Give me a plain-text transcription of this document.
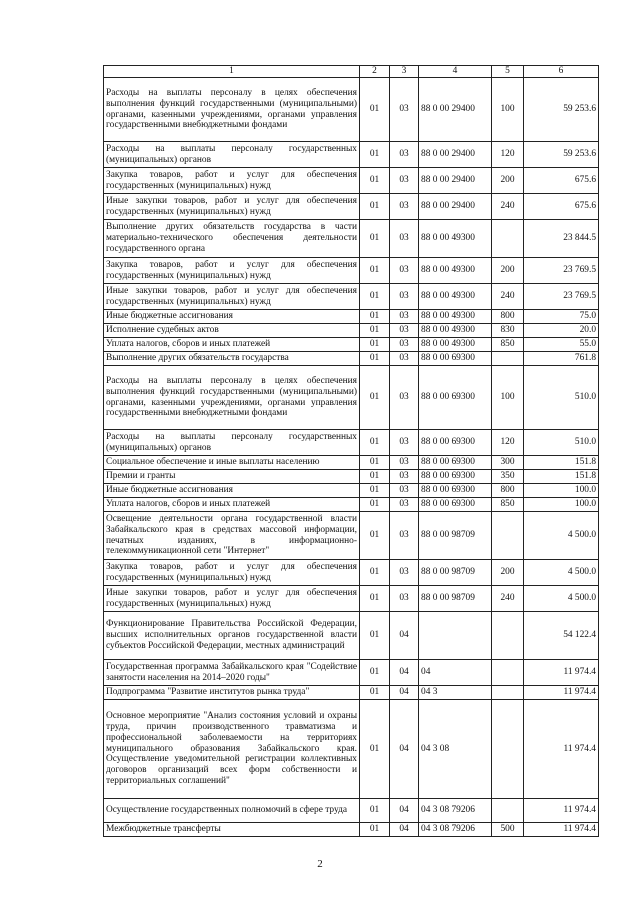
1	2	3	4	5	6
Расходы на выплаты персоналу в целях обеспечения выполнения функций государственными (муниципальными) органами, казенными учреждениями, органами управления государственными внебюджетными фондами	01	03	88 0 00 29400	100	59 253.6
Расходы на выплаты персоналу государственных (муниципальных) органов	01	03	88 0 00 29400	120	59 253.6
Закупка товаров, работ и услуг для обеспечения государственных (муниципальных) нужд	01	03	88 0 00 29400	200	675.6
Иные закупки товаров, работ и услуг для обеспечения государственных (муниципальных) нужд	01	03	88 0 00 29400	240	675.6
Выполнение других обязательств государства в части материально-технического обеспечения деятельности государственного органа	01	03	88 0 00 49300		23 844.5
Закупка товаров, работ и услуг для обеспечения государственных (муниципальных) нужд	01	03	88 0 00 49300	200	23 769.5
Иные закупки товаров, работ и услуг для обеспечения государственных (муниципальных) нужд	01	03	88 0 00 49300	240	23 769.5
Иные бюджетные ассигнования	01	03	88 0 00 49300	800	75.0
Исполнение судебных актов	01	03	88 0 00 49300	830	20.0
Уплата налогов, сборов и иных платежей	01	03	88 0 00 49300	850	55.0
Выполнение других обязательств государства	01	03	88 0 00 69300		761.8
Расходы на выплаты персоналу в целях обеспечения выполнения функций государственными (муниципальными) органами, казенными учреждениями, органами управления государственными внебюджетными фондами	01	03	88 0 00 69300	100	510.0
Расходы на выплаты персоналу государственных (муниципальных) органов	01	03	88 0 00 69300	120	510.0
Социальное обеспечение и иные выплаты населению	01	03	88 0 00 69300	300	151.8
Премии и гранты	01	03	88 0 00 69300	350	151.8
Иные бюджетные ассигнования	01	03	88 0 00 69300	800	100.0
Уплата налогов, сборов и иных платежей	01	03	88 0 00 69300	850	100.0
Освещение деятельности органа государственной власти Забайкальского края в средствах массовой информации, печатных изданиях, в информационно-телекоммуникационной сети "Интернет"	01	03	88 0 00 98709		4 500.0
Закупка товаров, работ и услуг для обеспечения государственных (муниципальных) нужд	01	03	88 0 00 98709	200	4 500.0
Иные закупки товаров, работ и услуг для обеспечения государственных (муниципальных) нужд	01	03	88 0 00 98709	240	4 500.0
Функционирование Правительства Российской Федерации, высших исполнительных органов государственной власти субъектов Российской Федерации, местных администраций	01	04			54 122.4
Государственная программа Забайкальского края "Содействие занятости населения на 2014–2020 годы"	01	04	04		11 974.4
Подпрограмма "Развитие институтов рынка труда"	01	04	04 3		11 974.4
Основное мероприятие "Анализ состояния условий и охраны труда, причин производственного травматизма и профессиональной заболеваемости на территориях муниципального образования Забайкальского края. Осуществление уведомительной регистрации коллективных договоров организаций всех форм собственности и территориальных соглашений"	01	04	04 3 08		11 974.4
Осуществление государственных полномочий в сфере труда	01	04	04 3 08 79206		11 974.4
Межбюджетные трансферты	01	04	04 3 08 79206	500	11 974.4
2
